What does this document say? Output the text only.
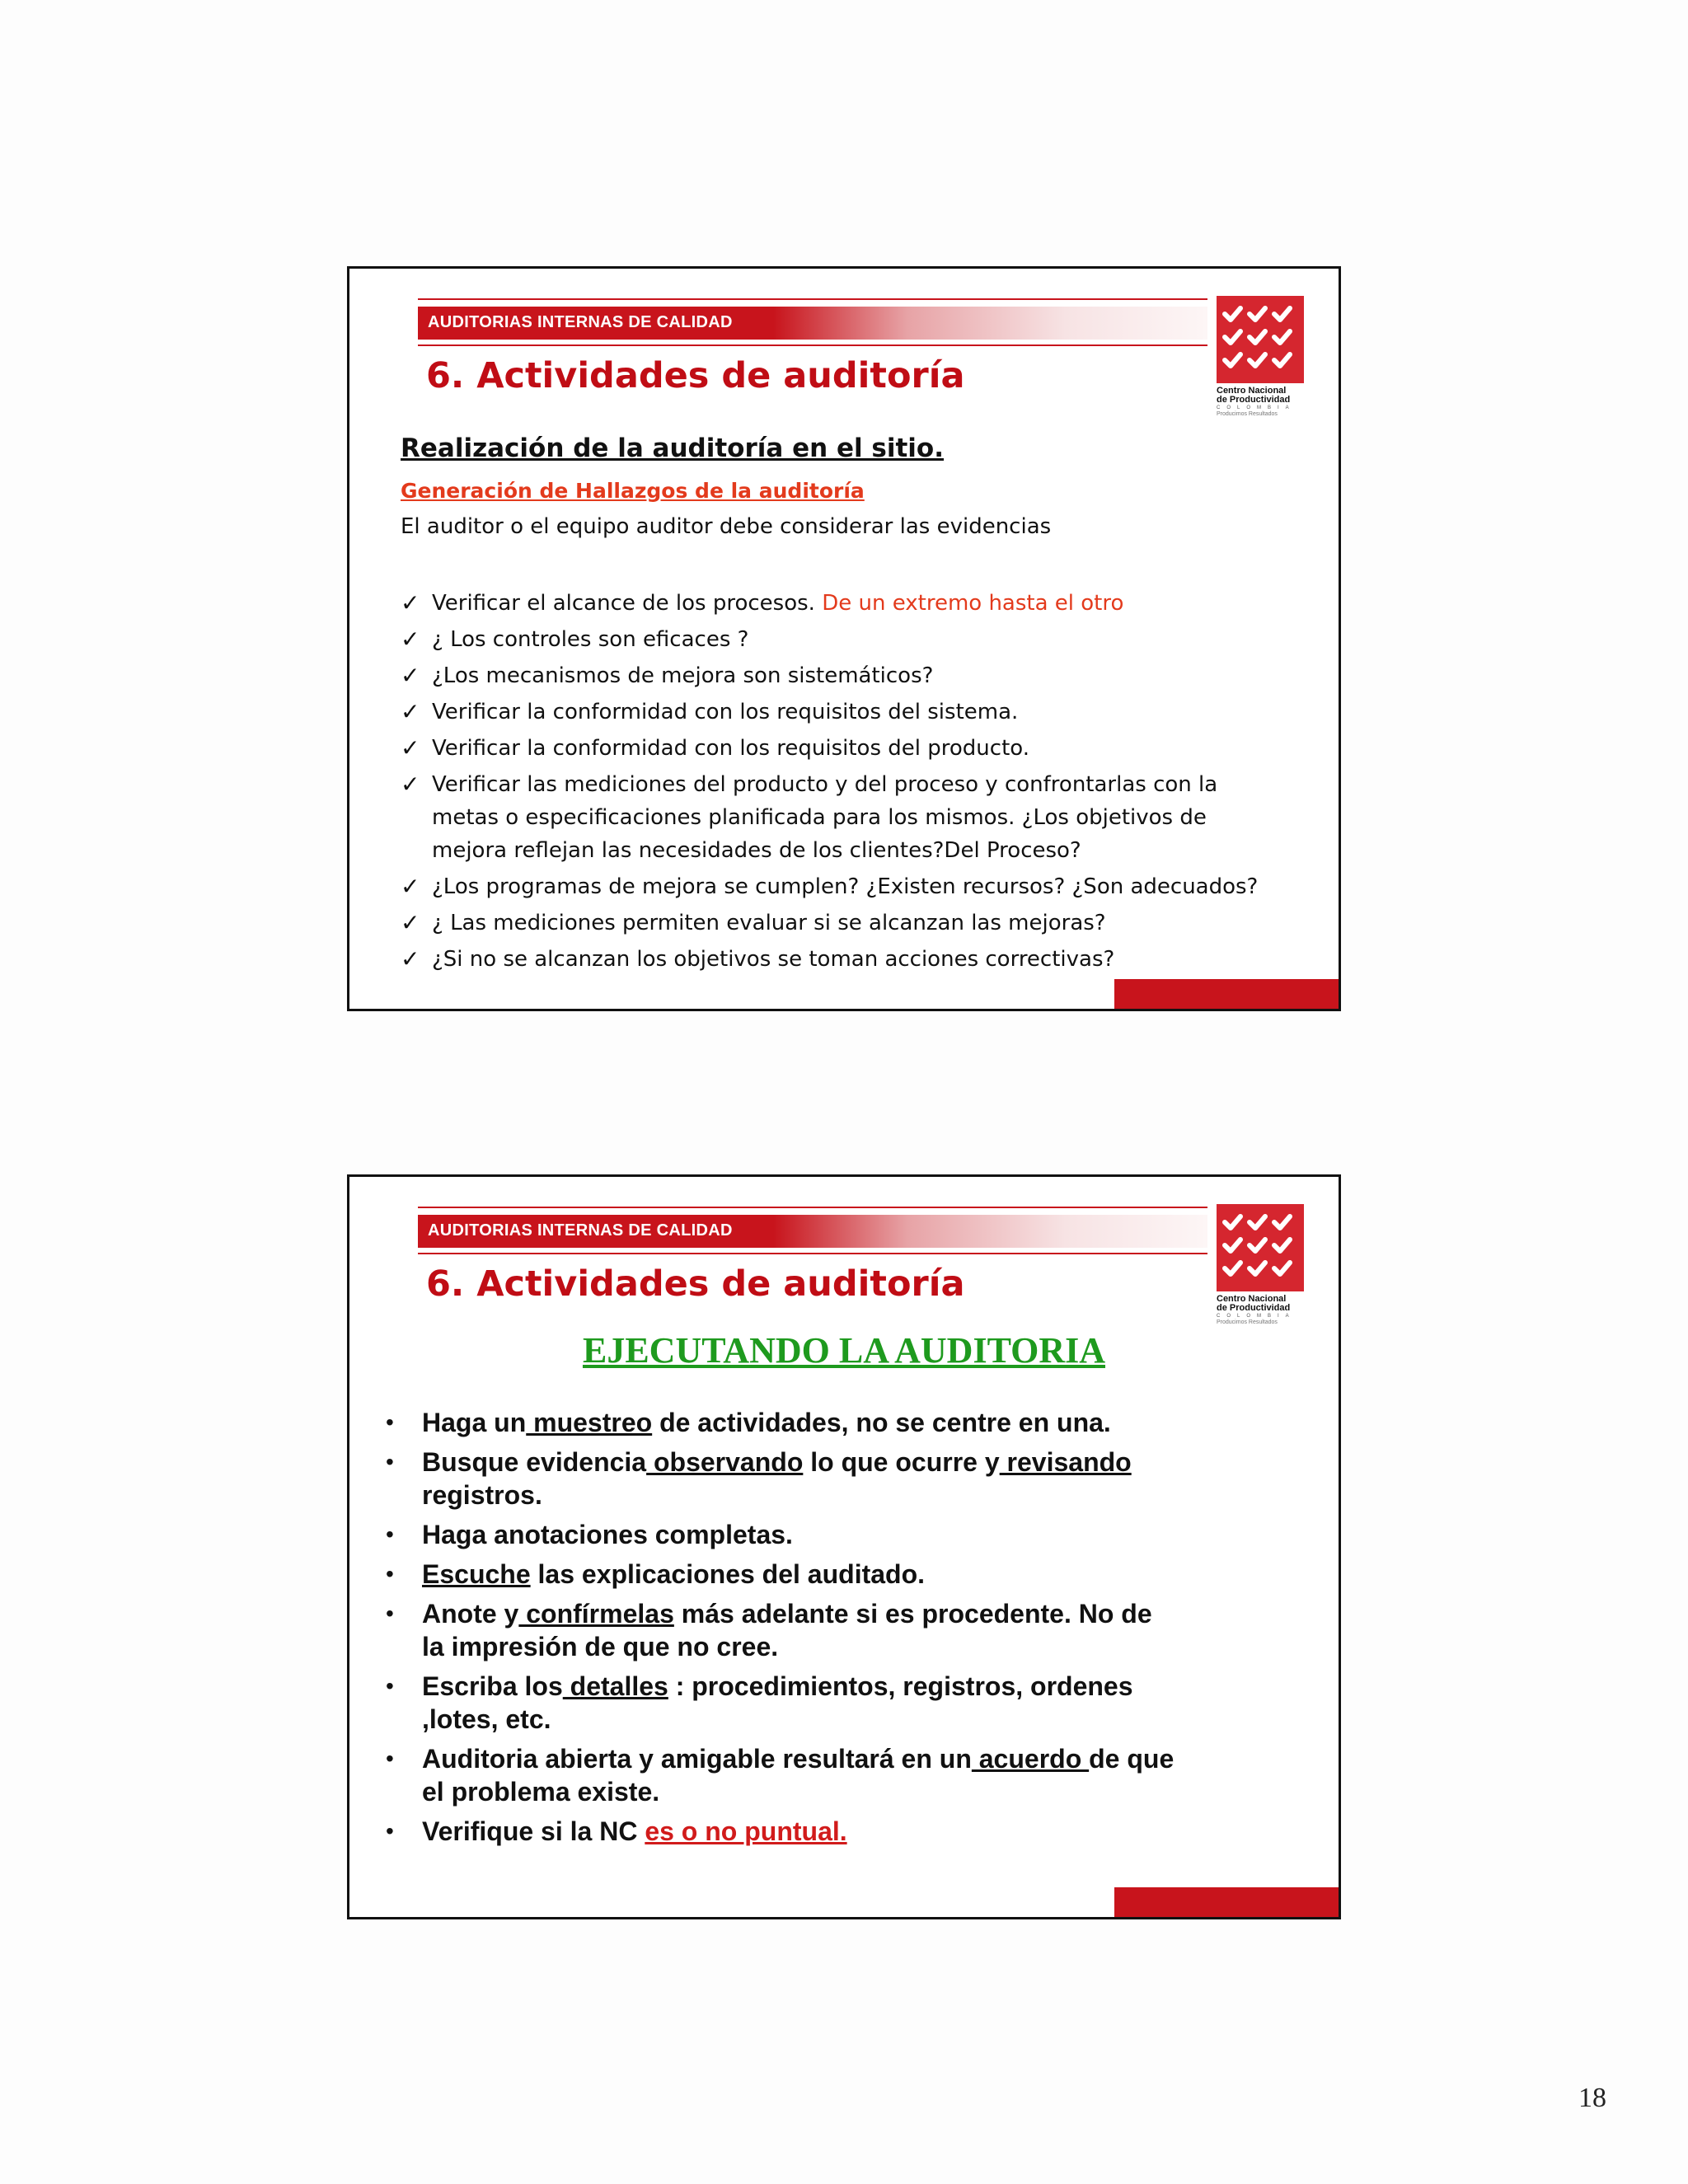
AUDITORIAS INTERNAS DE CALIDAD
Centro Nacional
de Productividad
COLOMBIA
Producimos Resultados
6. Actividades de auditoría
Realización de la auditoría en el sitio.
Generación de Hallazgos de la auditoría
El auditor o el equipo auditor debe considerar las evidencias
✓ Verificar el alcance de los procesos. De un extremo hasta el otro
✓ ¿ Los controles son eficaces ?
✓ ¿Los mecanismos de mejora son sistemáticos?
✓ Verificar la conformidad con los requisitos del sistema.
✓ Verificar la conformidad con los requisitos del producto.
✓ Verificar las mediciones del producto y del proceso y confrontarlas con la
metas o especificaciones planificada para los mismos. ¿Los objetivos de
mejora reflejan las necesidades de los clientes?Del Proceso?
✓ ¿Los programas de mejora se cumplen? ¿Existen recursos? ¿Son adecuados?
✓ ¿ Las mediciones permiten evaluar si se alcanzan las mejoras?
✓ ¿Si no se alcanzan los objetivos se toman acciones correctivas?
AUDITORIAS INTERNAS DE CALIDAD
Centro Nacional
de Productividad
COLOMBIA
Producimos Resultados
6. Actividades de auditoría
EJECUTANDO LA AUDITORIA
• Haga un muestreo de actividades, no se centre en una.
• Busque evidencia observando lo que ocurre y revisando
registros.
• Haga anotaciones completas.
• Escuche las explicaciones del auditado.
• Anote y confírmelas más adelante si es procedente. No de
la impresión de que no cree.
• Escriba los detalles : procedimientos, registros, ordenes
,lotes, etc.
• Auditoria abierta y amigable resultará en un acuerdo de que
el problema existe.
• Verifique si la NC es o no puntual.
18
